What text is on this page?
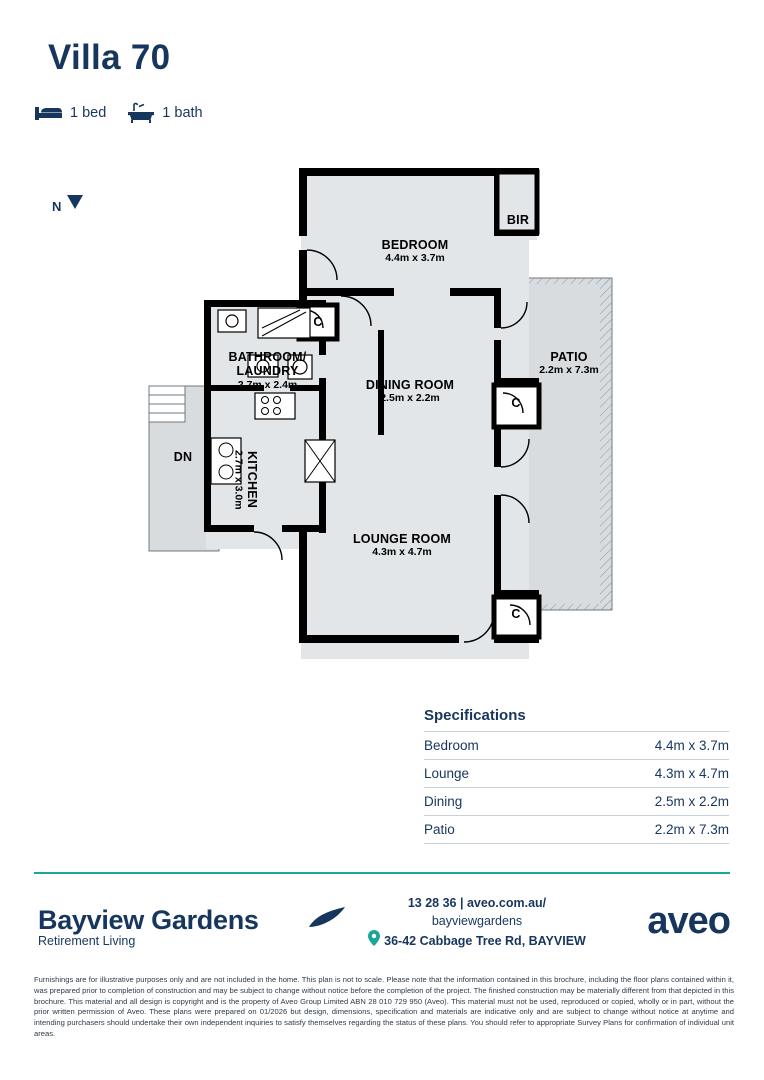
Villa 70
1 bed	1 bath
N
BEDROOM
4.4m x 3.7m
BIR
BATHROOM/
LAUNDRY
2.7m x 2.4m	DINING ROOM
2.5m x 2.2m
PATIO
2.2m x 7.3m
KITCHEN
2.7m x 3.0m
LOUNGE ROOM
4.3m x 4.7m
DN
C
C
C
Specifications
Bedroom	4.4m x 3.7m
Lounge	4.3m x 4.7m
Dining	2.5m x 2.2m
Patio	2.2m x 7.3m
Bayview Gardens
Retirement Living
13 28 36 | aveo.com.au/
bayviewgardens
36-42 Cabbage Tree Rd, BAYVIEW aveo
Furnishings are for illustrative purposes only and are not included in the home. This plan is not to scale. Please note that the information contained in this brochure, including the floor plans contained within it, was prepared prior to completion of construction and may be subject to change without notice before the completion of the project. The finished construction may be materially different from that depicted in this brochure. This material and all design is copyright and is the property of Aveo Group Limited ABN 28 010 729 950 (Aveo). This material must not be used, reproduced or copied, wholly or in part, without the prior written permission of Aveo. These plans were prepared on 01/2026 but design, dimensions, specification and materials are indicative only and are subject to change without notice at anytime and intending purchasers should undertake their own independent inquiries to satisfy themselves regarding the status of these plans. You should refer to appropriate Survey Plans for confirmation of individual unit areas.
